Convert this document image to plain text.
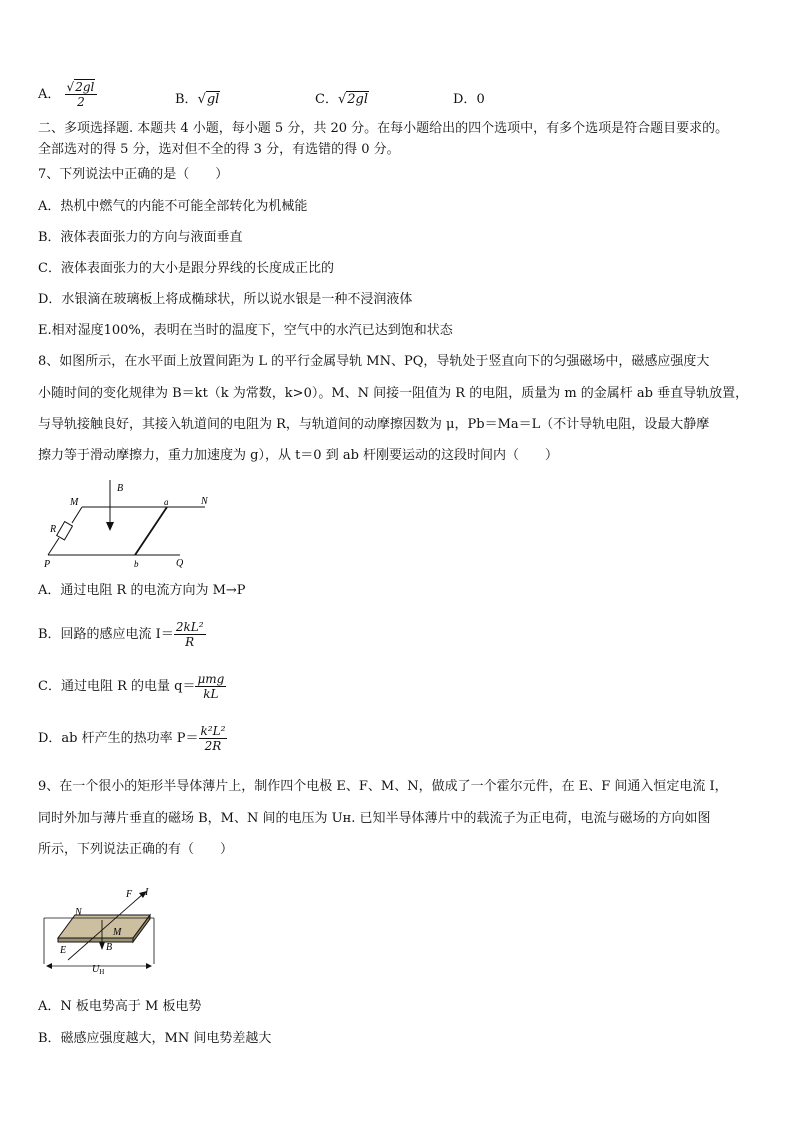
A． $\frac{√2gl}{2}$	B．√gl	C．√2gl	D．0
二、多项选择题. 本题共 4 小题，每小题 5 分，共 20 分。在每小题给出的四个选项中，有多个选项是符合题目要求的。
全部选对的得 5 分，选对但不全的得 3 分，有选错的得 0 分。
7、下列说法中正确的是（　　）
A．热机中燃气的内能不可能全部转化为机械能
B．液体表面张力的方向与液面垂直
C．液体表面张力的大小是跟分界线的长度成正比的
D．水银滴在玻璃板上将成椭球状，所以说水银是一种不浸润液体
E.相对湿度100%，表明在当时的温度下，空气中的水汽已达到饱和状态
8、如图所示，在水平面上放置间距为 L 的平行金属导轨 MN、PQ，导轨处于竖直向下的匀强磁场中，磁感应强度大
小随时间的变化规律为 B＝kt（k 为常数，k>0）。M、N 间接一阻值为 R 的电阻，质量为 m 的金属杆 ab 垂直导轨放置，
与导轨接触良好，其接入轨道间的电阻为 R，与轨道间的动摩擦因数为 μ，Pb＝Ma＝L（不计导轨电阻，设最大静摩
擦力等于滑动摩擦力，重力加速度为 g），从 t＝0 到 ab 杆刚要运动的这段时间内（　　）
B
M	a	N
R
P	b	Q
A．通过电阻 R 的电流方向为 M→P
B．回路的感应电流 $I= \frac{\text{2kL²}}{R}$
C．通过电阻 R 的电量 $q= \frac{\text{μmg}}{kL}$
D．ab 杆产生的热功率 $P= \frac{\text{k²L²}}{2R}$
9、在一个很小的矩形半导体薄片上，制作四个电极 E、F、M、N，做成了一个霍尔元件，在 E、F 间通入恒定电流 I，
同时外加与薄片垂直的磁场 B，M、N 间的电压为 Uʜ. 已知半导体薄片中的载流子为正电荷，电流与磁场的方向如图
所示，下列说法正确的有（　　）
F I
N
M
E	B
$U_H$
A．N 板电势高于 M 板电势
B．磁感应强度越大，MN 间电势差越大
